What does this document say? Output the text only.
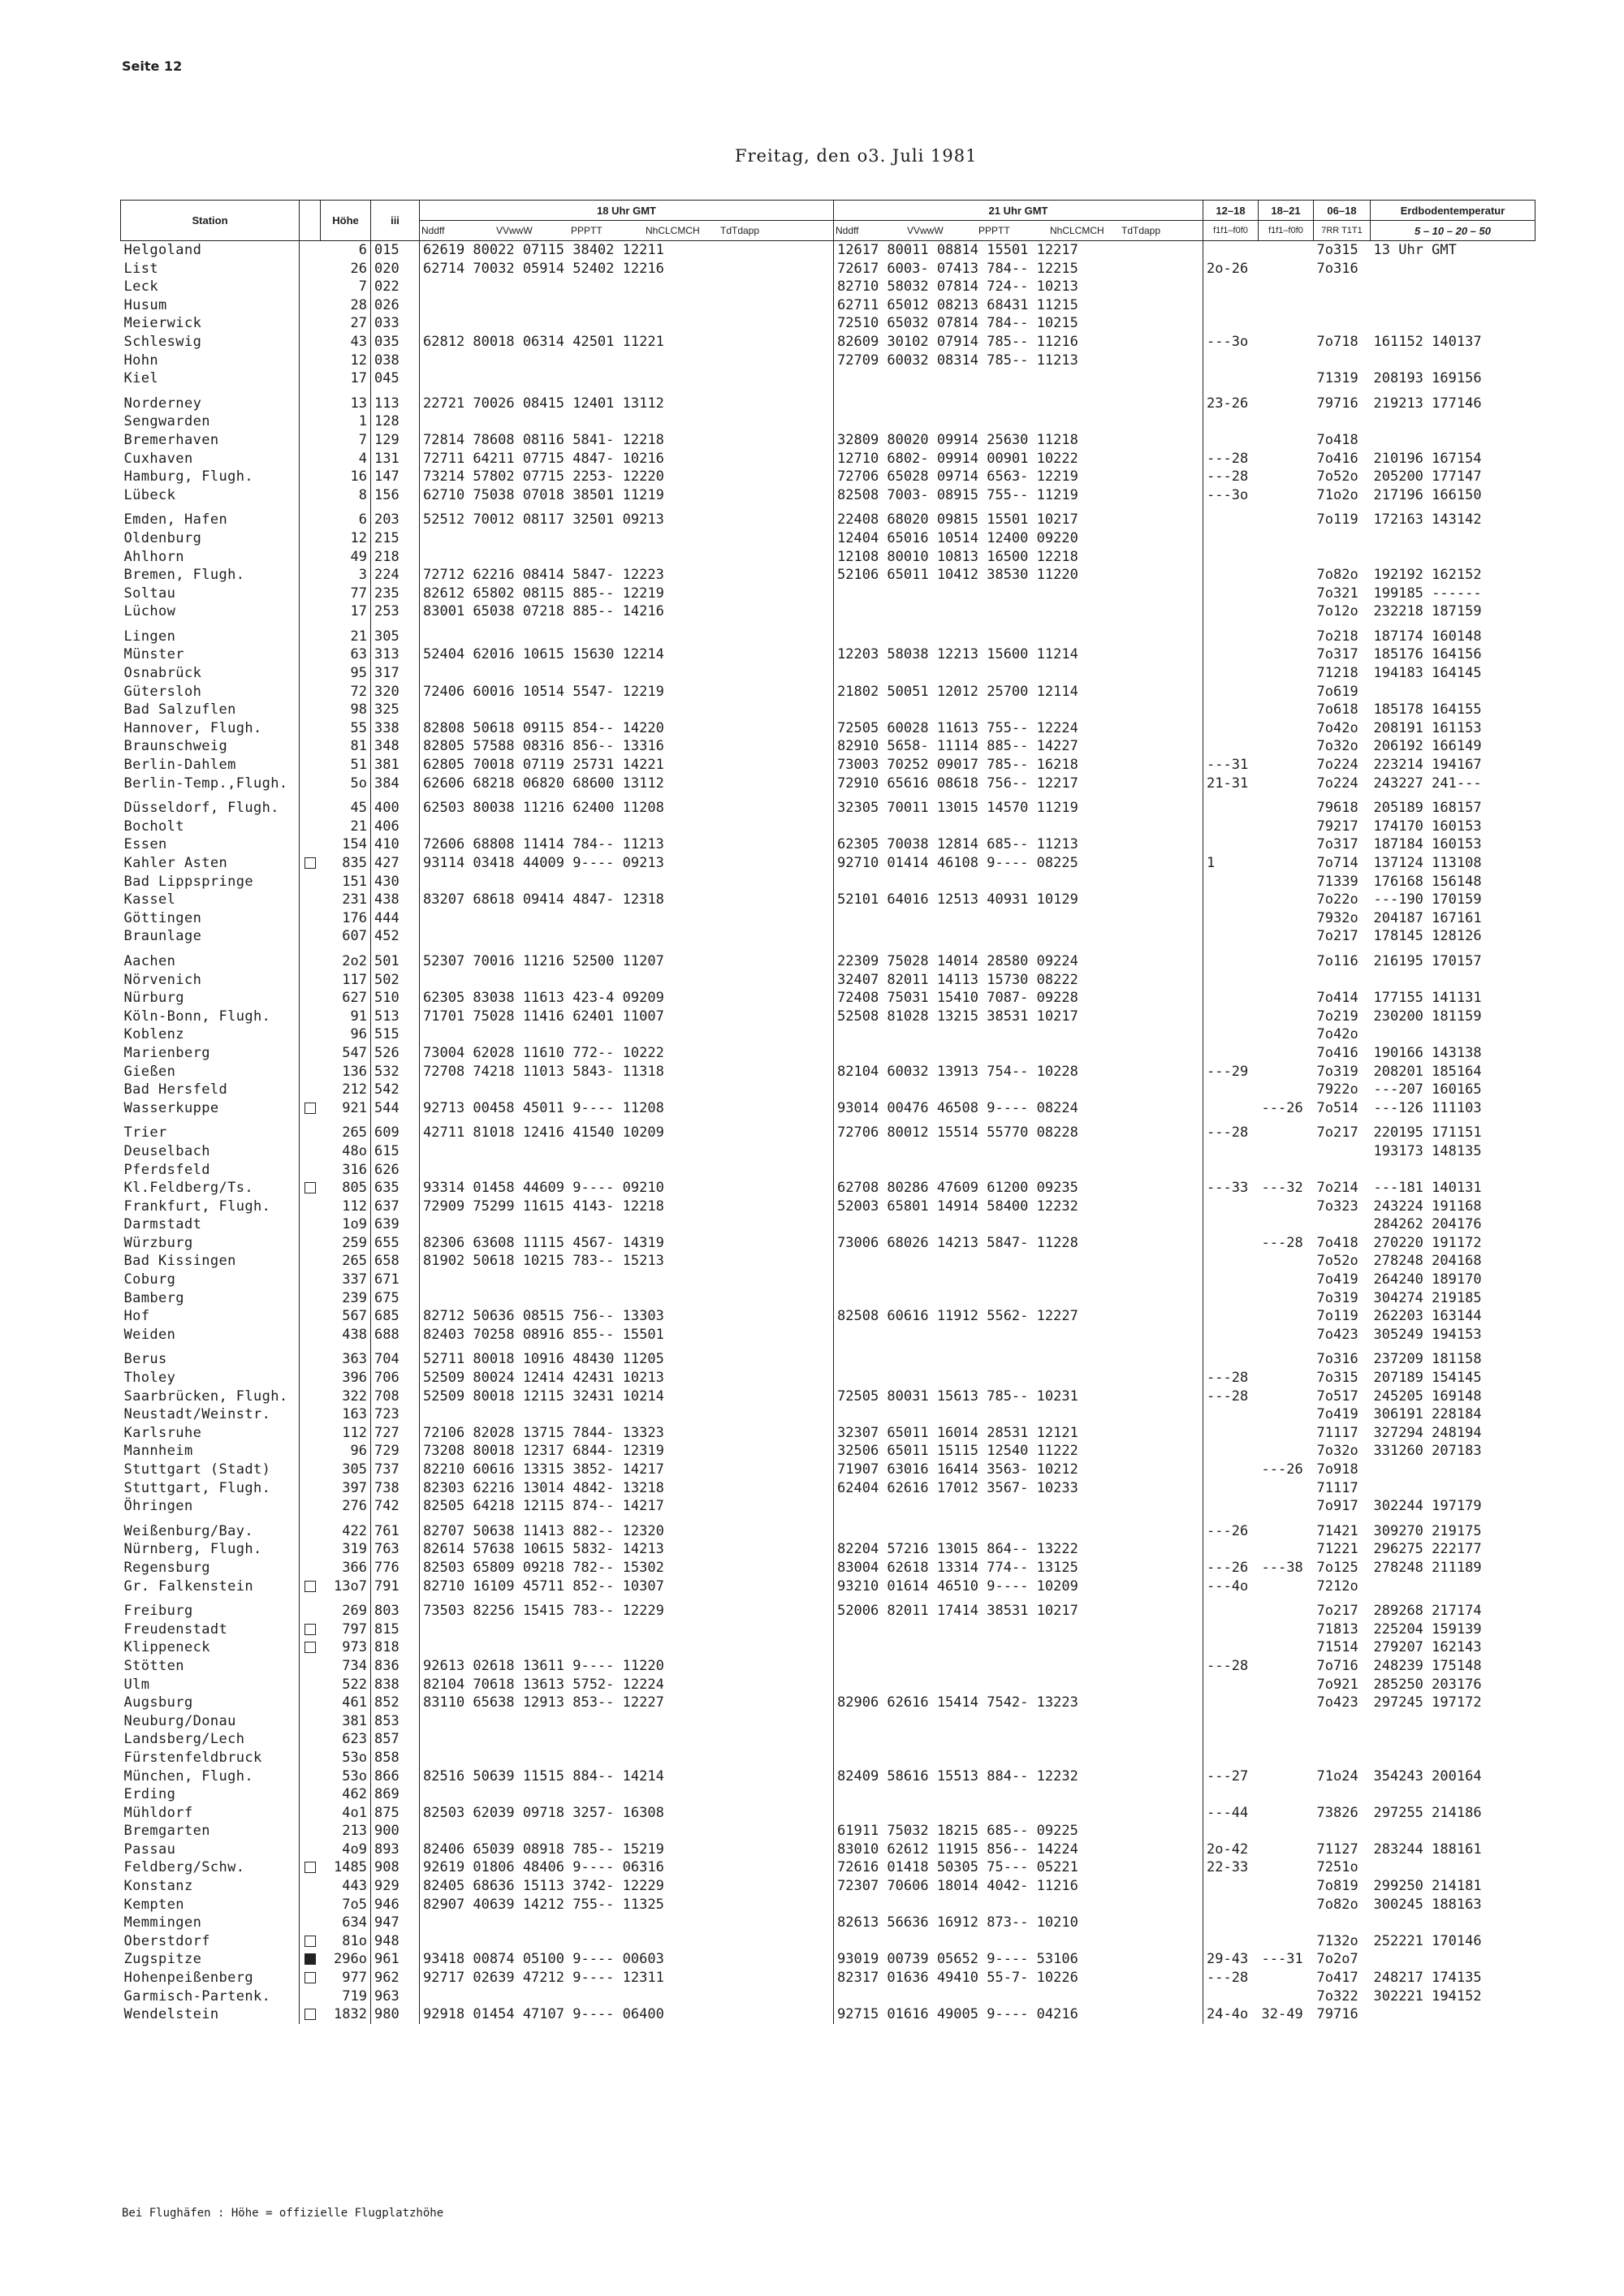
Seite 12
Freitag, den o3. Juli 1981
Station		Höhe	iii	18 Uhr GMT	21 Uhr GMT	12–18	18–21	06–18	Erdbodentemperatur
				Nddff VVwwW PPPTT NhCLCMCH TdTdapp	Nddff VVwwW PPPTT NhCLCMCH TdTdapp	f1f1–f0f0	f1f1–f0f0	7RR T1T1	5 – 10 – 20 – 50
Helgoland		6	015	62619 80022 07115 38402 12211	12617 80011 08814 15501 12217			7o315	13 Uhr GMT
List		26	020	62714 70032 05914 52402 12216	72617 6003- 07413 784-- 12215	2o-26		7o316	
Leck		7	022		82710 58032 07814 724-- 10213				
Husum		28	026		62711 65012 08213 68431 11215				
Meierwick		27	033		72510 65032 07814 784-- 10215				
Schleswig		43	035	62812 80018 06314 42501 11221	82609 30102 07914 785-- 11216	---3o		7o718	161152 140137
Hohn		12	038		72709 60032 08314 785-- 11213				
Kiel		17	045					71319	208193 169156
Norderney		13	113	22721 70026 08415 12401 13112		23-26		79716	219213 177146
Sengwarden		1	128						
Bremerhaven		7	129	72814 78608 08116 5841- 12218	32809 80020 09914 25630 11218			7o418	
Cuxhaven		4	131	72711 64211 07715 4847- 10216	12710 6802- 09914 00901 10222	---28		7o416	210196 167154
Hamburg, Flugh.		16	147	73214 57802 07715 2253- 12220	72706 65028 09714 6563- 12219	---28		7o52o	205200 177147
Lübeck		8	156	62710 75038 07018 38501 11219	82508 7003- 08915 755-- 11219	---3o		71o2o	217196 166150
Emden, Hafen		6	203	52512 70012 08117 32501 09213	22408 68020 09815 15501 10217			7o119	172163 143142
Oldenburg		12	215		12404 65016 10514 12400 09220				
Ahlhorn		49	218		12108 80010 10813 16500 12218				
Bremen, Flugh.		3	224	72712 62216 08414 5847- 12223	52106 65011 10412 38530 11220			7o82o	192192 162152
Soltau		77	235	82612 65802 08115 885-- 12219				7o321	199185 ------
Lüchow		17	253	83001 65038 07218 885-- 14216				7o12o	232218 187159
Lingen		21	305					7o218	187174 160148
Münster		63	313	52404 62016 10615 15630 12214	12203 58038 12213 15600 11214			7o317	185176 164156
Osnabrück		95	317					71218	194183 164145
Gütersloh		72	320	72406 60016 10514 5547- 12219	21802 50051 12012 25700 12114			7o619	
Bad Salzuflen		98	325					7o618	185178 164155
Hannover, Flugh.		55	338	82808 50618 09115 854-- 14220	72505 60028 11613 755-- 12224			7o42o	208191 161153
Braunschweig		81	348	82805 57588 08316 856-- 13316	82910 5658- 11114 885-- 14227			7o32o	206192 166149
Berlin-Dahlem		51	381	62805 70018 07119 25731 14221	73003 70252 09017 785-- 16218	---31		7o224	223214 194167
Berlin-Temp.,Flugh.		5o	384	62606 68218 06820 68600 13112	72910 65616 08618 756-- 12217	21-31		7o224	243227 241---
Düsseldorf, Flugh.		45	400	62503 80038 11216 62400 11208	32305 70011 13015 14570 11219			79618	205189 168157
Bocholt		21	406					79217	174170 160153
Essen		154	410	72606 68808 11414 784-- 11213	62305 70038 12814 685-- 11213			7o317	187184 160153
Kahler Asten		835	427	93114 03418 44009 9---- 09213	92710 01414 46108 9---- 08225	1		7o714	137124 113108
Bad Lippspringe		151	430					71339	176168 156148
Kassel		231	438	83207 68618 09414 4847- 12318	52101 64016 12513 40931 10129			7o22o	---190 170159
Göttingen		176	444					7932o	204187 167161
Braunlage		607	452					7o217	178145 128126
Aachen		2o2	501	52307 70016 11216 52500 11207	22309 75028 14014 28580 09224			7o116	216195 170157
Nörvenich		117	502		32407 82011 14113 15730 08222				
Nürburg		627	510	62305 83038 11613 423-4 09209	72408 75031 15410 7087- 09228			7o414	177155 141131
Köln-Bonn, Flugh.		91	513	71701 75028 11416 62401 11007	52508 81028 13215 38531 10217			7o219	230200 181159
Koblenz		96	515					7o42o	
Marienberg		547	526	73004 62028 11610 772-- 10222				7o416	190166 143138
Gießen		136	532	72708 74218 11013 5843- 11318	82104 60032 13913 754-- 10228	---29		7o319	208201 185164
Bad Hersfeld		212	542					7922o	---207 160165
Wasserkuppe		921	544	92713 00458 45011 9---- 11208	93014 00476 46508 9---- 08224		---26	7o514	---126 111103
Trier		265	609	42711 81018 12416 41540 10209	72706 80012 15514 55770 08228	---28		7o217	220195 171151
Deuselbach		48o	615						193173 148135
Pferdsfeld		316	626						
Kl.Feldberg/Ts.		805	635	93314 01458 44609 9---- 09210	62708 80286 47609 61200 09235	---33	---32	7o214	---181 140131
Frankfurt, Flugh.		112	637	72909 75299 11615 4143- 12218	52003 65801 14914 58400 12232			7o323	243224 191168
Darmstadt		1o9	639						284262 204176
Würzburg		259	655	82306 63608 11115 4567- 14319	73006 68026 14213 5847- 11228		---28	7o418	270220 191172
Bad Kissingen		265	658	81902 50618 10215 783-- 15213				7o52o	278248 204168
Coburg		337	671					7o419	264240 189170
Bamberg		239	675					7o319	304274 219185
Hof		567	685	82712 50636 08515 756-- 13303	82508 60616 11912 5562- 12227			7o119	262203 163144
Weiden		438	688	82403 70258 08916 855-- 15501				7o423	305249 194153
Berus		363	704	52711 80018 10916 48430 11205				7o316	237209 181158
Tholey		396	706	52509 80024 12414 42431 10213		---28		7o315	207189 154145
Saarbrücken, Flugh.		322	708	52509 80018 12115 32431 10214	72505 80031 15613 785-- 10231	---28		7o517	245205 169148
Neustadt/Weinstr.		163	723					7o419	306191 228184
Karlsruhe		112	727	72106 82028 13715 7844- 13323	32307 65011 16014 28531 12121			71117	327294 248194
Mannheim		96	729	73208 80018 12317 6844- 12319	32506 65011 15115 12540 11222			7o32o	331260 207183
Stuttgart (Stadt)		305	737	82210 60616 13315 3852- 14217	71907 63016 16414 3563- 10212		---26	7o918	
Stuttgart, Flugh.		397	738	82303 62216 13014 4842- 13218	62404 62616 17012 3567- 10233			71117	
Öhringen		276	742	82505 64218 12115 874-- 14217				7o917	302244 197179
Weißenburg/Bay.		422	761	82707 50638 11413 882-- 12320		---26		71421	309270 219175
Nürnberg, Flugh.		319	763	82614 57638 10615 5832- 14213	82204 57216 13015 864-- 13222			71221	296275 222177
Regensburg		366	776	82503 65809 09218 782-- 15302	83004 62618 13314 774-- 13125	---26	---38	7o125	278248 211189
Gr. Falkenstein		13o7	791	82710 16109 45711 852-- 10307	93210 01614 46510 9---- 10209	---4o		7212o	
Freiburg		269	803	73503 82256 15415 783-- 12229	52006 82011 17414 38531 10217			7o217	289268 217174
Freudenstadt		797	815					71813	225204 159139
Klippeneck		973	818					71514	279207 162143
Stötten		734	836	92613 02618 13611 9---- 11220		---28		7o716	248239 175148
Ulm		522	838	82104 70618 13613 5752- 12224				7o921	285250 203176
Augsburg		461	852	83110 65638 12913 853-- 12227	82906 62616 15414 7542- 13223			7o423	297245 197172
Neuburg/Donau		381	853						
Landsberg/Lech		623	857						
Fürstenfeldbruck		53o	858						
München, Flugh.		53o	866	82516 50639 11515 884-- 14214	82409 58616 15513 884-- 12232	---27		71o24	354243 200164
Erding		462	869						
Mühldorf		4o1	875	82503 62039 09718 3257- 16308		---44		73826	297255 214186
Bremgarten		213	900		61911 75032 18215 685-- 09225				
Passau		4o9	893	82406 65039 08918 785-- 15219	83010 62612 11915 856-- 14224	2o-42		71127	283244 188161
Feldberg/Schw.		1485	908	92619 01806 48406 9---- 06316	72616 01418 50305 75--- 05221	22-33		7251o	
Konstanz		443	929	82405 68636 15113 3742- 12229	72307 70606 18014 4042- 11216			7o819	299250 214181
Kempten		7o5	946	82907 40639 14212 755-- 11325				7o82o	300245 188163
Memmingen		634	947		82613 56636 16912 873-- 10210				
Oberstdorf		81o	948					7132o	252221 170146
Zugspitze		296o	961	93418 00874 05100 9---- 00603	93019 00739 05652 9---- 53106	29-43	---31	7o2o7	
Hohenpeißenberg		977	962	92717 02639 47212 9---- 12311	82317 01636 49410 55-7- 10226	---28		7o417	248217 174135
Garmisch-Partenk.		719	963					7o322	302221 194152
Wendelstein		1832	980	92918 01454 47107 9---- 06400	92715 01616 49005 9---- 04216	24-4o	32-49	79716	
Bei Flughäfen : Höhe = offizielle Flugplatzhöhe
